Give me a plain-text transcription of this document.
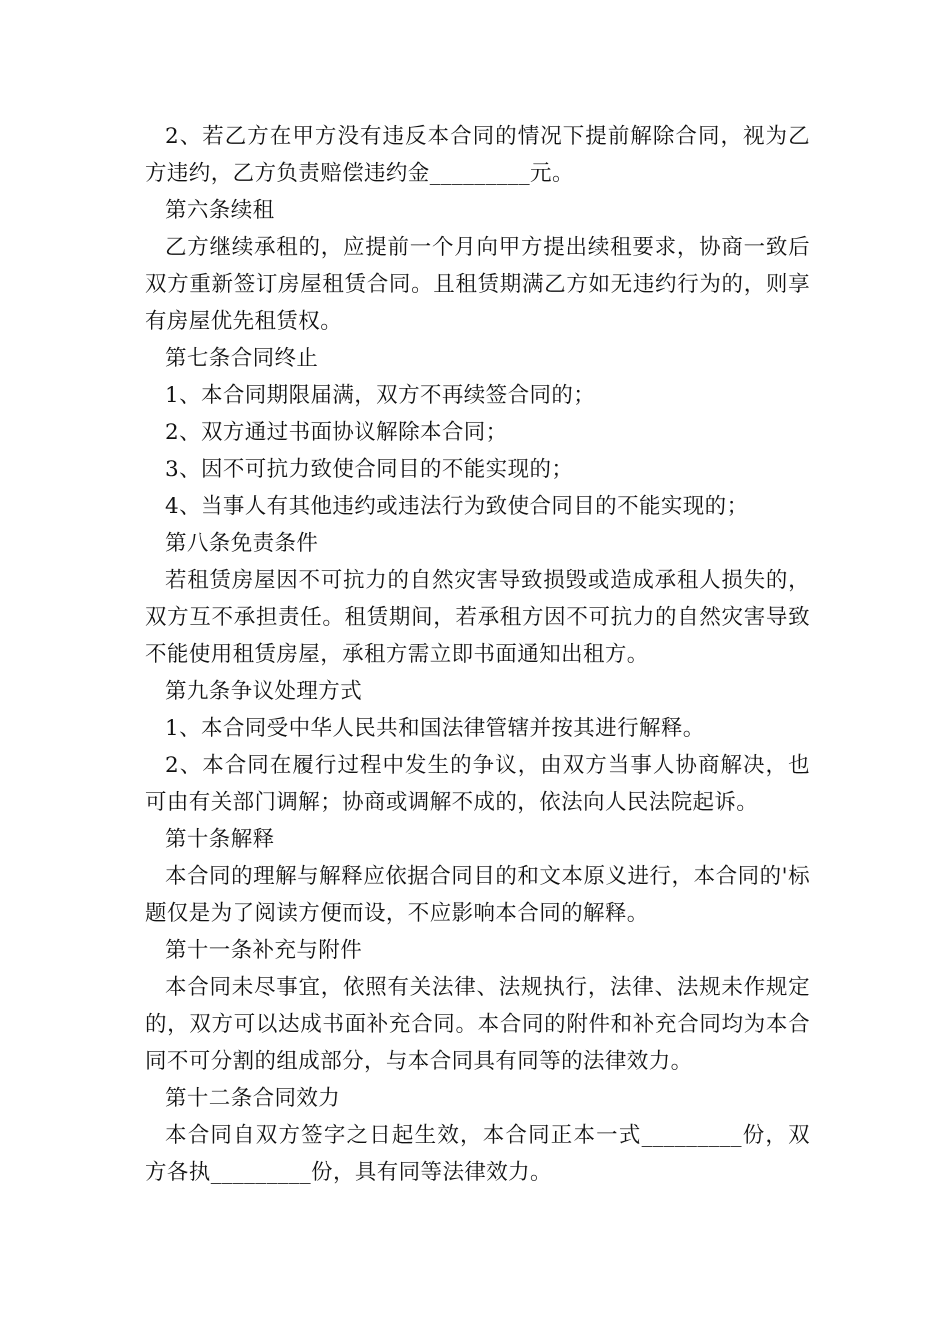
2、若乙方在甲方没有违反本合同的情况下提前解除合同，视为乙方违约，乙方负责赔偿违约金_________元。

第六条续租

乙方继续承租的，应提前一个月向甲方提出续租要求，协商一致后双方重新签订房屋租赁合同。且租赁期满乙方如无违约行为的，则享有房屋优先租赁权。

第七条合同终止

1、本合同期限届满，双方不再续签合同的；

2、双方通过书面协议解除本合同；

3、因不可抗力致使合同目的不能实现的；

4、当事人有其他违约或违法行为致使合同目的不能实现的；

第八条免责条件

若租赁房屋因不可抗力的自然灾害导致损毁或造成承租人损失的，双方互不承担责任。租赁期间，若承租方因不可抗力的自然灾害导致不能使用租赁房屋，承租方需立即书面通知出租方。

第九条争议处理方式

1、本合同受中华人民共和国法律管辖并按其进行解释。

2、本合同在履行过程中发生的争议，由双方当事人协商解决，也可由有关部门调解；协商或调解不成的，依法向人民法院起诉。

第十条解释

本合同的理解与解释应依据合同目的和文本原义进行，本合同的'标题仅是为了阅读方便而设，不应影响本合同的解释。

第十一条补充与附件

本合同未尽事宜，依照有关法律、法规执行，法律、法规未作规定的，双方可以达成书面补充合同。本合同的附件和补充合同均为本合同不可分割的组成部分，与本合同具有同等的法律效力。

第十二条合同效力

本合同自双方签字之日起生效，本合同正本一式_________份，双方各执_________份，具有同等法律效力。
